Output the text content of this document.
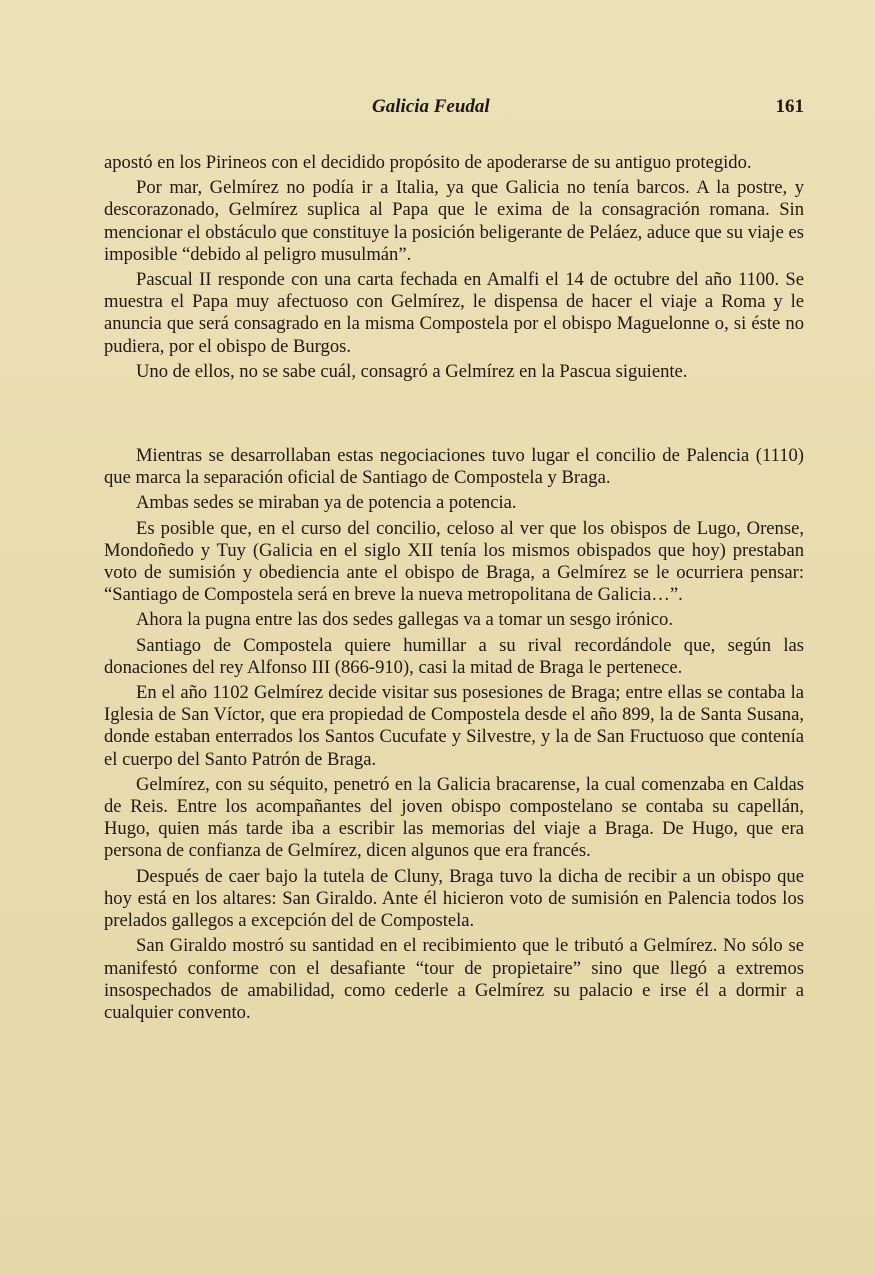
Galicia Feudal	161

apostó en los Pirineos con el decidido propósito de apoderarse de su antiguo protegido.

Por mar, Gelmírez no podía ir a Italia, ya que Galicia no tenía barcos. A la postre, y descorazonado, Gelmírez suplica al Papa que le exima de la consagración romana. Sin mencionar el obstáculo que constituye la posición beligerante de Peláez, aduce que su viaje es imposible “debido al peligro musulmán”.

Pascual II responde con una carta fechada en Amalfi el 14 de octubre del año 1100. Se muestra el Papa muy afectuoso con Gelmírez, le dispensa de hacer el viaje a Roma y le anuncia que será consagrado en la misma Compostela por el obispo Maguelonne o, si éste no pudiera, por el obispo de Burgos.

Uno de ellos, no se sabe cuál, consagró a Gelmírez en la Pascua siguiente.

Mientras se desarrollaban estas negociaciones tuvo lugar el concilio de Palencia (1110) que marca la separación oficial de Santiago de Compostela y Braga.

Ambas sedes se miraban ya de potencia a potencia.

Es posible que, en el curso del concilio, celoso al ver que los obispos de Lugo, Orense, Mondoñedo y Tuy (Galicia en el siglo XII tenía los mismos obispados que hoy) prestaban voto de sumisión y obediencia ante el obispo de Braga, a Gelmírez se le ocurriera pensar: “Santiago de Compostela será en breve la nueva metropolitana de Galicia…”.

Ahora la pugna entre las dos sedes gallegas va a tomar un sesgo irónico.

Santiago de Compostela quiere humillar a su rival recordándole que, según las donaciones del rey Alfonso III (866-910), casi la mitad de Braga le pertenece.

En el año 1102 Gelmírez decide visitar sus posesiones de Braga; entre ellas se contaba la Iglesia de San Víctor, que era propiedad de Compostela desde el año 899, la de Santa Susana, donde estaban enterrados los Santos Cucufate y Silvestre, y la de San Fructuoso que contenía el cuerpo del Santo Patrón de Braga.

Gelmírez, con su séquito, penetró en la Galicia bracarense, la cual comenzaba en Caldas de Reis. Entre los acompañantes del joven obispo compostelano se contaba su capellán, Hugo, quien más tarde iba a escribir las memorias del viaje a Braga. De Hugo, que era persona de confianza de Gelmírez, dicen algunos que era francés.

Después de caer bajo la tutela de Cluny, Braga tuvo la dicha de recibir a un obispo que hoy está en los altares: San Giraldo. Ante él hicieron voto de sumisión en Palencia todos los prelados gallegos a excepción del de Compostela.

San Giraldo mostró su santidad en el recibimiento que le tributó a Gelmírez. No sólo se manifestó conforme con el desafiante “tour de propietaire” sino que llegó a extremos insospechados de amabilidad, como cederle a Gelmírez su palacio e irse él a dormir a cualquier convento.
